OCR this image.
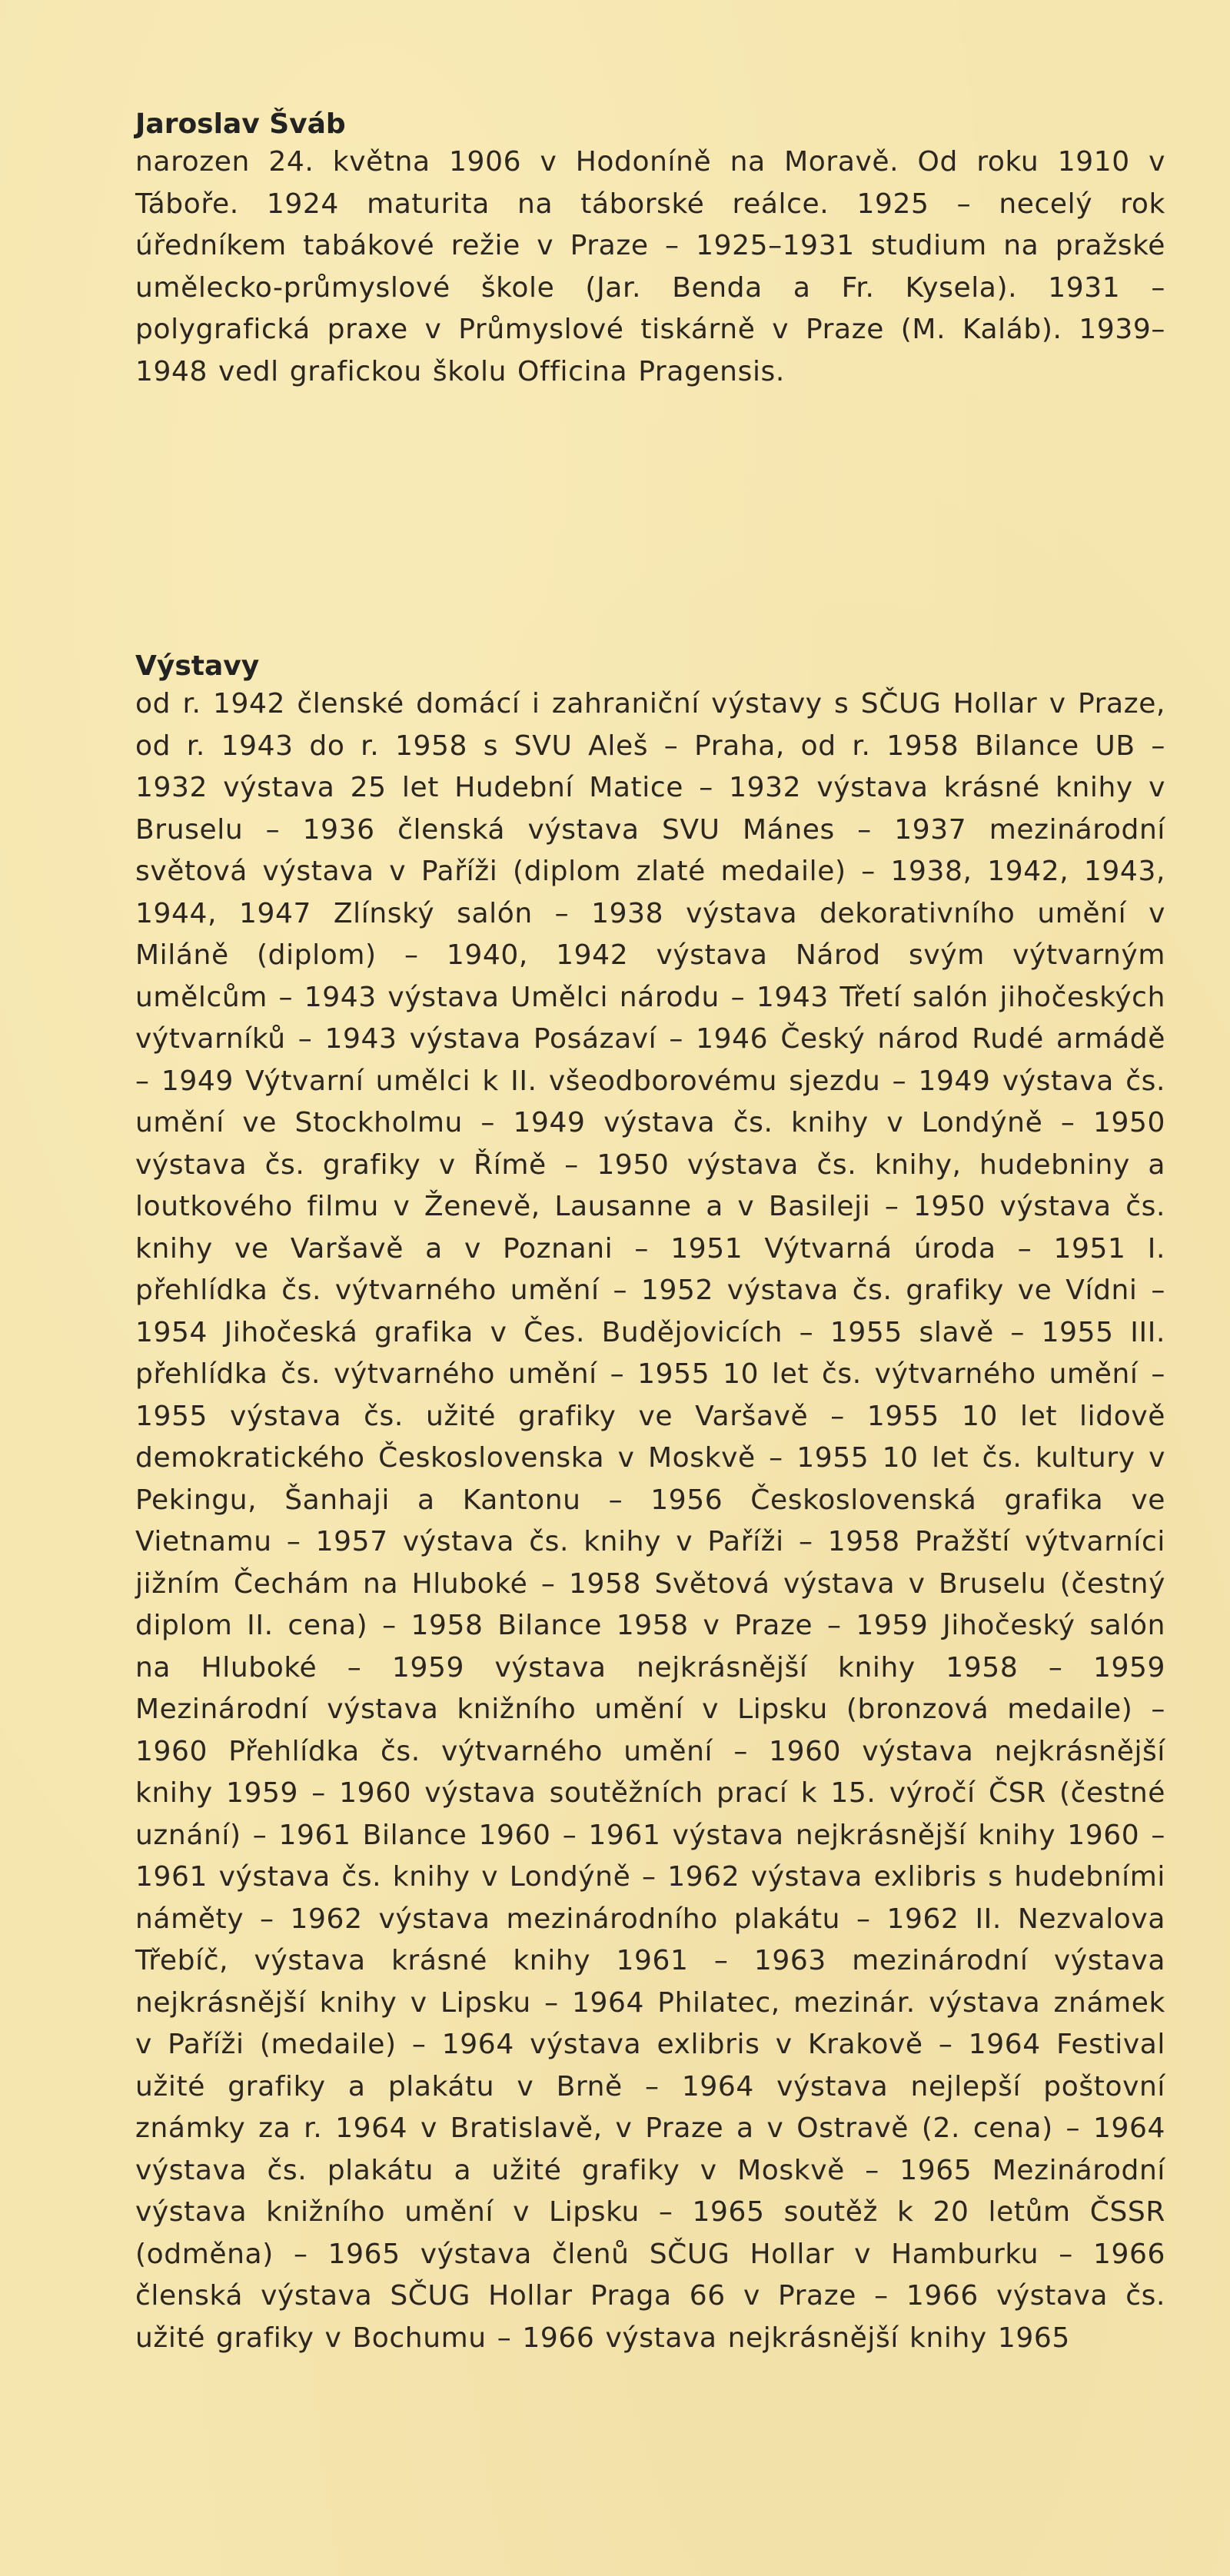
Jaroslav Šváb

narozen 24. května 1906 v Hodoníně na Moravě. Od roku 1910 v Táboře. 1924 maturita na táborské reálce. 1925 – necelý rok úředníkem tabákové režie v Praze – 1925–1931 studium na pražské umělecko-průmyslové škole (Jar. Benda a Fr. Kysela). 1931 – polygrafická praxe v Průmyslové tiskárně v Praze (M. Kaláb). 1939–1948 vedl grafickou školu Officina Pragensis.

Výstavy

od r. 1942 členské domácí i zahraniční výstavy s SČUG Hollar v Praze, od r. 1943 do r. 1958 s SVU Aleš – Praha, od r. 1958 Bilance UB – 1932 výstava 25 let Hudební Matice – 1932 výstava krásné knihy v Bruselu – 1936 členská výstava SVU Mánes – 1937 mezinárodní světová výstava v Paříži (diplom zlaté medaile) – 1938, 1942, 1943, 1944, 1947 Zlínský salón – 1938 výstava dekorativního umění v Miláně (diplom) – 1940, 1942 výstava Národ svým výtvarným umělcům – 1943 výstava Umělci národu – 1943 Třetí salón jihočeských výtvarníků – 1943 výstava Posázaví – 1946 Český národ Rudé armádě – 1949 Výtvarní umělci k II. všeodborovému sjezdu – 1949 výstava čs. umění ve Stockholmu – 1949 výstava čs. knihy v Londýně – 1950 výstava čs. grafiky v Římě – 1950 výstava čs. knihy, hudebniny a loutkového filmu v Ženevě, Lausanne a v Basileji – 1950 výstava čs. knihy ve Varšavě a v Poznani – 1951 Výtvarná úroda – 1951 I. přehlídka čs. výtvarného umění – 1952 výstava čs. grafiky ve Vídni – 1954 Jihočeská grafika v Čes. Budějovicích – 1955 slavě – 1955 III. přehlídka čs. výtvarného umění – 1955 10 let čs. výtvarného umění – 1955 výstava čs. užité grafiky ve Varšavě – 1955 10 let lidově demokratického Československa v Moskvě – 1955 10 let čs. kultury v Pekingu, Šanhaji a Kantonu – 1956 Československá grafika ve Vietnamu – 1957 výstava čs. knihy v Paříži – 1958 Pražští výtvarníci jižním Čechám na Hluboké – 1958 Světová výstava v Bruselu (čestný diplom II. cena) – 1958 Bilance 1958 v Praze – 1959 Jihočeský salón na Hluboké – 1959 výstava nejkrásnější knihy 1958 – 1959 Mezinárodní výstava knižního umění v Lipsku (bronzová medaile) – 1960 Přehlídka čs. výtvarného umění – 1960 výstava nejkrásnější knihy 1959 – 1960 výstava soutěžních prací k 15. výročí ČSR (čestné uznání) – 1961 Bilance 1960 – 1961 výstava nejkrásnější knihy 1960 – 1961 výstava čs. knihy v Londýně – 1962 výstava exlibris s hudebními náměty – 1962 výstava mezinárodního plakátu – 1962 II. Nezvalova Třebíč, výstava krásné knihy 1961 – 1963 mezinárodní výstava nejkrásnější knihy v Lipsku – 1964 Philatec, mezinár. výstava známek v Paříži (medaile) – 1964 výstava exlibris v Krakově – 1964 Festival užité grafiky a plakátu v Brně – 1964 výstava nejlepší poštovní známky za r. 1964 v Bratislavě, v Praze a v Ostravě (2. cena) – 1964 výstava čs. plakátu a užité grafiky v Moskvě – 1965 Mezinárodní výstava knižního umění v Lipsku – 1965 soutěž k 20 letům ČSSR (odměna) – 1965 výstava členů SČUG Hollar v Hamburku – 1966 členská výstava SČUG Hollar Praga 66 v Praze – 1966 výstava čs. užité grafiky v Bochumu – 1966 výstava nejkrásnější knihy 1965
